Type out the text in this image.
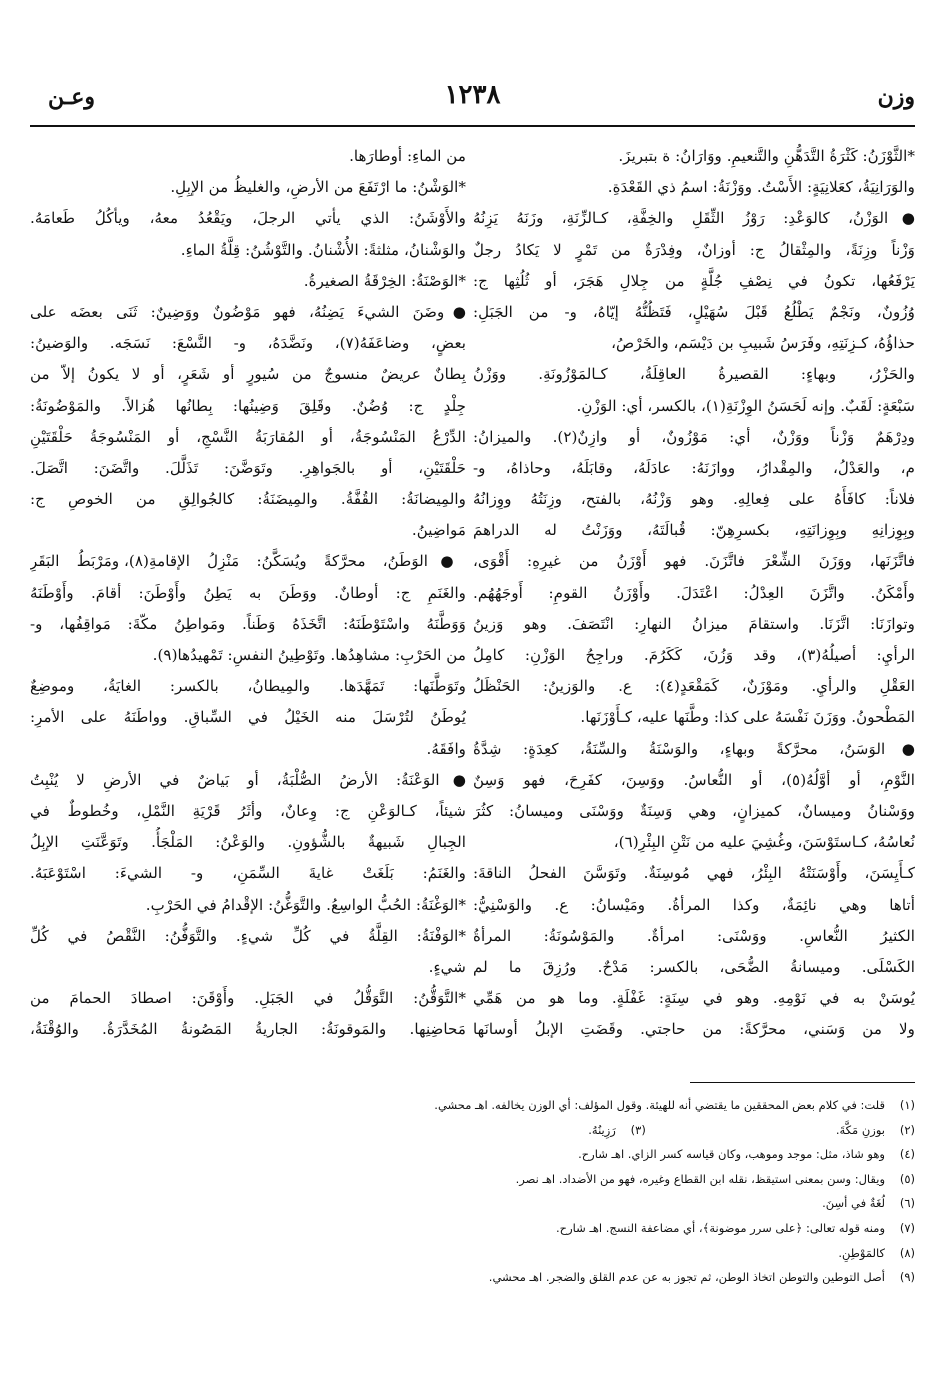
وزن
١٢٣٨
وعـن
*الثَّوْزَنُ: كَثْرَةُ التَّدَهُّنِ والتَّنعيمِ. ووَارَانُ: ة بتبريزَ.
والوَرَانِيَةُ، كعَلانِيَةٍ: الأَسْتُ. ووَزْنَةُ: اسمُ ذي القَعْدَةِ.
●الوَزْنُ، كالوَعْدِ: رَوْزُ الثِّقَلِ والخِفَّةِ، كـالزِّنَةِ، وزَنَهُ يَزِنُهُ
وَزْناً وزِنَةً، والمِثْقالُ ج: أوزانٌ، وفِدْرَةٌ من تَمْرٍ لا يَكادُ رجلٌ
يَرْفَعُها، تكونُ في نِصْفِ جُلَّةٍ من جِلالِ هَجَرَ، أو ثُلُثِها ج:
وُزُونٌ، ونَجْمٌ يَطْلُعُ قَبْلَ سُهَيْلٍ، فَتَظُنُّهُ إيّاهُ، و- من الجَبَلِ:
حذاؤُهُ، كـزِنَتِهِ، وفَرَسُ شَبيبِ بن دَيْسَم، والخَرْصُ،
والحَزْرُ، وبهاءٍ: القصيرةُ العاقِلَةُ، كـالمَوْزُونَةِ. ووَزْنُ
سَبْعَةٍ: لَقَبٌ. وإنه لَحَسَنُ الوِزْنَةِ(١)، بالكسر، أي: الوَزْنِ.
ودِرْهَمٌ وَزْناً ووَزْنٌ، أي: مَوْزُونٌ، أو وازِنٌ(٢). والميزانُ:
م، والعَدْلُ، والمِقْدارُ، ووازَنَهُ: عادَلَهُ، وقابَلَهُ، وحاذاهُ، و-
فلاناً: كافَأَهُ على فِعالِهِ. وهو وَزْنُهُ، بالفتح، وزِنَتُهُ ووِزانُهُ
وبِوِزانِهِ وبِوِزانَتِهِ، بكسرِهِنّ: قُبالَتَهُ، ووَزَنْتُ له الدراهمَ
فاتَّزَنَها، ووَزَنَ الشِّعْرَ فاتَّزَنَ. فهو أَوْزَنُ من غيرِهِ: أَقْوَى،
وأَمْكَنُ. واتَّزَنَ العِدْلُ: اعْتَدَلَ. وأَوْزَنُ القومِ: أَوجَهُهُم.
وتوازَنَا: اتَّزَنَا. واستقامَ ميزانُ النهارِ: انْتَصَفَ. وهو وَزينُ
الرأيِ: أصيلُهُ(٣)، وقد وَزُنَ، كَكَرُمَ. وراجِحُ الوَزْنِ: كامِلُ
العَقْلِ والرأيِ. ومَوْزَنٌ، كَمَقْعَدٍ(٤): ع. والوَزينُ: الحَنْظَلُ
المَطْحونُ. ووَزَنَ نَفْسَهُ على كذا: وطَّنَها عليه، كـأَوْزَنَها.
●الوَسَنُ، محرَّكةً وبهاءٍ، والوَسْنَةُ والسِّنَةُ، كعِدَةٍ: شِدَّةُ
النَّوْمِ، أو أوَّلُهُ(٥)، أو النُّعاسُ. ووَسِنَ، كفَرِحَ، فهو وَسِنٌ
ووَسْنانُ وميسانٌ، كميزانٍ، وهي وَسِنَةٌ ووَسْنَى وميسانُ: كثُرَ
نُعاسُهُ، كـاستَوْسَنَ، وغُشِيَ عليه من نَتْنِ البِئْرِ(٦)،
كـأَيِسَنَ، وأَوْسَنَتْهُ البِئْرُ، فهي مُوسِنَةٌ. وتَوَسَّنَ الفحلُ الناقةَ:
أتاها وهي نائِمَةٌ، وكذا المرأةُ. ومَيْسانُ: ع. والوَسْنِيُّ:
الكثيرُ النُّعاسِ. ووَسْنَى: امرأةٌ. والمَوْسُونَةُ: المرأةُ
الكَسْلَى. وميسانةُ الضُّحَى، بالكسر: مَدْحٌ. ورُزِقَ ما لم
يُوسَنْ به في نَوْمِهِ. وهو في سِنَةٍ: غَفْلَةٍ. وما هو من هَمِّي
ولا من وَسَني، محرَّكةً: من حاجتي. وقَضَتِ الإبلُ أوسانَها
من الماءِ: أوطارَها.
*الوَشْنُ: ما ارْتَفَعَ من الأرضِ، والغليظُ من الإبِلِ.
والأَوْشَنُ: الذي يأتي الرجلَ، ويَقْعُدُ معهُ، ويأكُلُ طَعامَهُ.
والوَشْنانُ، مثلثةً: الأُشْنانُ. والتَّوْشُنُ: قِلَّةُ الماءِ.
*الوَصْنَةُ: الخِرْقَةُ الصغيرةُ.
●وضَنَ الشيءَ يَضِنُهُ، فهو مَوْضُونٌ ووَضِينٌ: ثَنَى بعضَه على
بعضٍ، وضاعَفَهُ(٧)، ونَضَّدَهُ، و- النَّسْعَ: نَسَجَه. والوَضينُ:
بِطانٌ عريضٌ منسوجٌ من سُيورٍ أو شَعَرٍ، أو لا يكونُ إلاّ من
جِلْدٍ ج: وُضُنٌ. وقَلِقَ وَضِينُها: بِطانُها هُزالاً. والمَوْضُونَةُ:
الدِّرْعُ المَنْسُوجَةُ، أو المُقارَبَةُ النَّسْجِ، أو المَنْسُوجَةُ حَلْقَتَيْنِ
حَلْقَتَيْنِ، أو بالجَواهِرِ. وتَوَضَّنَ: تَذَلَّلَ. واتَّضَنَ: اتَّصَلَ.
والمِيضانَةُ: القُفَّةُ. والمِيضَنَةُ: كالجُوالِقِ من الخوصِ ج:
مَواضِينُ.
●الوَطَنُ، محرَّكةً ويُسَكَّنُ: مَنْزِلُ الإقامةِ(٨)، ومَرْبَطُ البَقَرِ
والغَنَمِ ج: أوطانٌ. ووَطَنَ به يَطِنُ وأَوْطَنَ: أقامَ. وأَوْطَنَهُ
وَوَطَّنَهُ واسْتَوْطَنَهُ: اتَّخَذَهُ وَطَناً. ومَواطِنُ مكّةَ: مَواقِفُها، و-
من الحَرْبِ: مشاهِدُها. وتَوْطِينُ النفسِ: تَمْهيدُها(٩).
وتَوَطَّنَها: تَمَهَّدَها. والمِيطانُ، بالكسر: الغايَةُ، وموضِعٌ
يُوطَنُ لتُرْسَلَ منه الخَيْلُ في السِّباقِ. وواطَنَهُ على الأمرِ:
وافَقَهُ.
●الوَعْنَةُ: الأرضُ الصُّلْبَةُ، أو بَياضٌ في الأرضِ لا يُنْبِتُ
شيئاً، كـالوَعْنِ ج: وِعانٌ، وأثَرُ قَرْيَةِ النَّمْلِ، وخُطوطٌ في
الجِبالِ شَبيهةٌ بالشُّؤونِ. والوَعْنُ: المَلْجَأُ. وتَوَعَّنَتِ الإبِلُ
والغَنَمُ: بَلَغَتْ غايةَ السِّمَنِ، و- الشيءَ: اسْتَوْعَبَهُ.
*الوَغْنَةُ: الحُبُّ الواسِعُ. والتَّوَغُّنُ: الإقْدامُ في الحَرْبِ.
*الوَفْنَةُ: القِلَّةُ في كُلِّ شيءٍ. والتَّوَفُّنُ: النَّقْصُ في كُلِّ
شيءٍ.
*التَّوَقُّنُ: التَّوَقُّلُ في الجَبَلِ. وأَوْقَنَ: اصطادَ الحمامَ من
مَحاضِنِها. والمَوقونَةُ: الجاريةُ المَصُونةُ المُخَدَّرَةُ. والوُقْنَةُ،
(١)قلت: في كلام بعض المحققين ما يقتضي أنه للهيئة. وقول المؤلف: أي الوزن يخالفه. اهـ محشي.
(٢)بوزنِ مَكَّةَ.(٣)رَزِينُهُ.
(٤)وهو شاذ، مثل: موجد وموهب، وكان قياسه كسر الزاي. اهـ شارح.
(٥)ويقال: وسن بمعنى استيقظ، نقله ابن القطاع وغيره، فهو من الأضداد. اهـ نصر.
(٦)لُغَةٌ في أسِنَ.
(٧)ومنه قوله تعالى: ﴿على سرر موضونة﴾، أي مضاعفة النسج. اهـ شارح.
(٨)كالمَوْطِنِ.
(٩)أصل التوطين والتوطن اتخاذ الوطن، ثم تجوز به عن عدم القلق والضجر. اهـ محشي.
